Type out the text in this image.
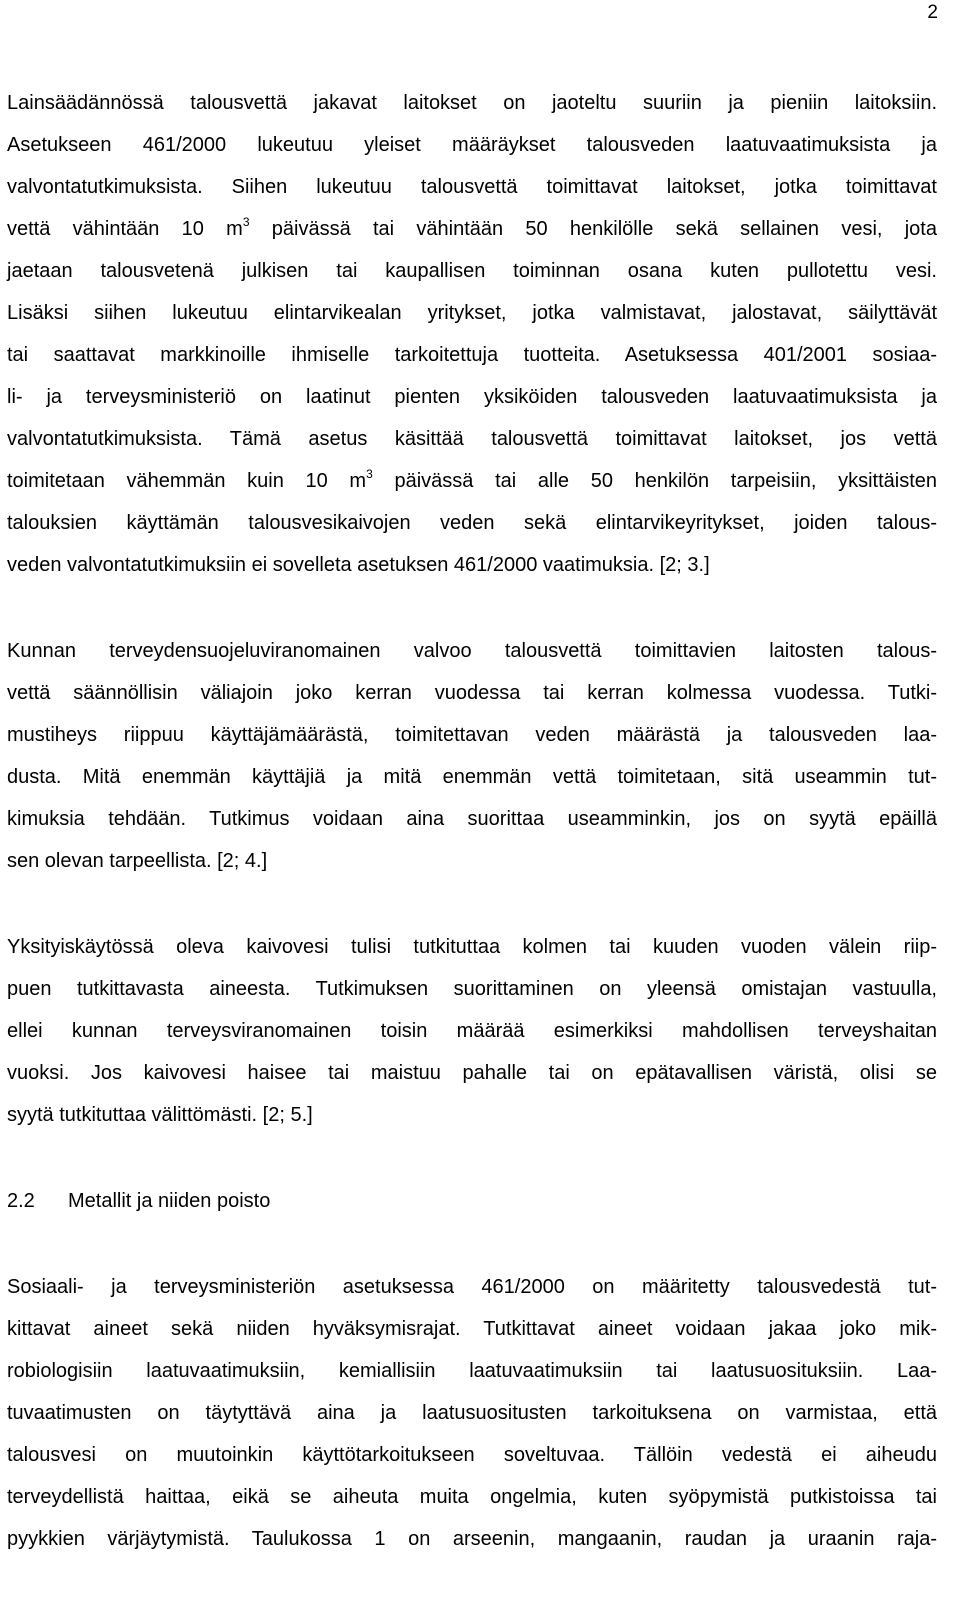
2
Lainsäädännössä talousvettä jakavat laitokset on jaoteltu suuriin ja pieniin laitoksiin.
Asetukseen 461/2000 lukeutuu yleiset määräykset talousveden laatuvaatimuksista ja
valvontatutkimuksista. Siihen lukeutuu talousvettä toimittavat laitokset, jotka toimittavat
vettä vähintään 10 $m^3$ päivässä tai vähintään 50 henkilölle sekä sellainen vesi, jota
jaetaan talousvetenä julkisen tai kaupallisen toiminnan osana kuten pullotettu vesi.
Lisäksi siihen lukeutuu elintarvikealan yritykset, jotka valmistavat, jalostavat, säilyttävät
tai saattavat markkinoille ihmiselle tarkoitettuja tuotteita. Asetuksessa 401/2001 sosiaa-
li- ja terveysministeriö on laatinut pienten yksiköiden talousveden laatuvaatimuksista ja
valvontatutkimuksista. Tämä asetus käsittää talousvettä toimittavat laitokset, jos vettä
toimitetaan vähemmän kuin 10 $m^3$ päivässä tai alle 50 henkilön tarpeisiin, yksittäisten
talouksien käyttämän talousvesikaivojen veden sekä elintarvikeyritykset, joiden talous-
veden valvontatutkimuksiin ei sovelleta asetuksen 461/2000 vaatimuksia. [2; 3.]
Kunnan terveydensuojeluviranomainen valvoo talousvettä toimittavien laitosten talous-
vettä säännöllisin väliajoin joko kerran vuodessa tai kerran kolmessa vuodessa. Tutki-
mustiheys riippuu käyttäjämäärästä, toimitettavan veden määrästä ja talousveden laa-
dusta. Mitä enemmän käyttäjiä ja mitä enemmän vettä toimitetaan, sitä useammin tut-
kimuksia tehdään. Tutkimus voidaan aina suorittaa useamminkin, jos on syytä epäillä
sen olevan tarpeellista. [2; 4.]
Yksityiskäytössä oleva kaivovesi tulisi tutkituttaa kolmen tai kuuden vuoden välein riip-
puen tutkittavasta aineesta. Tutkimuksen suorittaminen on yleensä omistajan vastuulla,
ellei kunnan terveysviranomainen toisin määrää esimerkiksi mahdollisen terveyshaitan
vuoksi. Jos kaivovesi haisee tai maistuu pahalle tai on epätavallisen väristä, olisi se
syytä tutkituttaa välittömästi. [2; 5.]
2.2 Metallit ja niiden poisto
Sosiaali- ja terveysministeriön asetuksessa 461/2000 on määritetty talousvedestä tut-
kittavat aineet sekä niiden hyväksymisrajat. Tutkittavat aineet voidaan jakaa joko mik-
robiologisiin laatuvaatimuksiin, kemiallisiin laatuvaatimuksiin tai laatusuosituksiin. Laa-
tuvaatimusten on täytyttävä aina ja laatusuositusten tarkoituksena on varmistaa, että
talousvesi on muutoinkin käyttötarkoitukseen soveltuvaa. Tällöin vedestä ei aiheudu
terveydellistä haittaa, eikä se aiheuta muita ongelmia, kuten syöpymistä putkistoissa tai
pyykkien värjäytymistä. Taulukossa 1 on arseenin, mangaanin, raudan ja uraanin raja-
